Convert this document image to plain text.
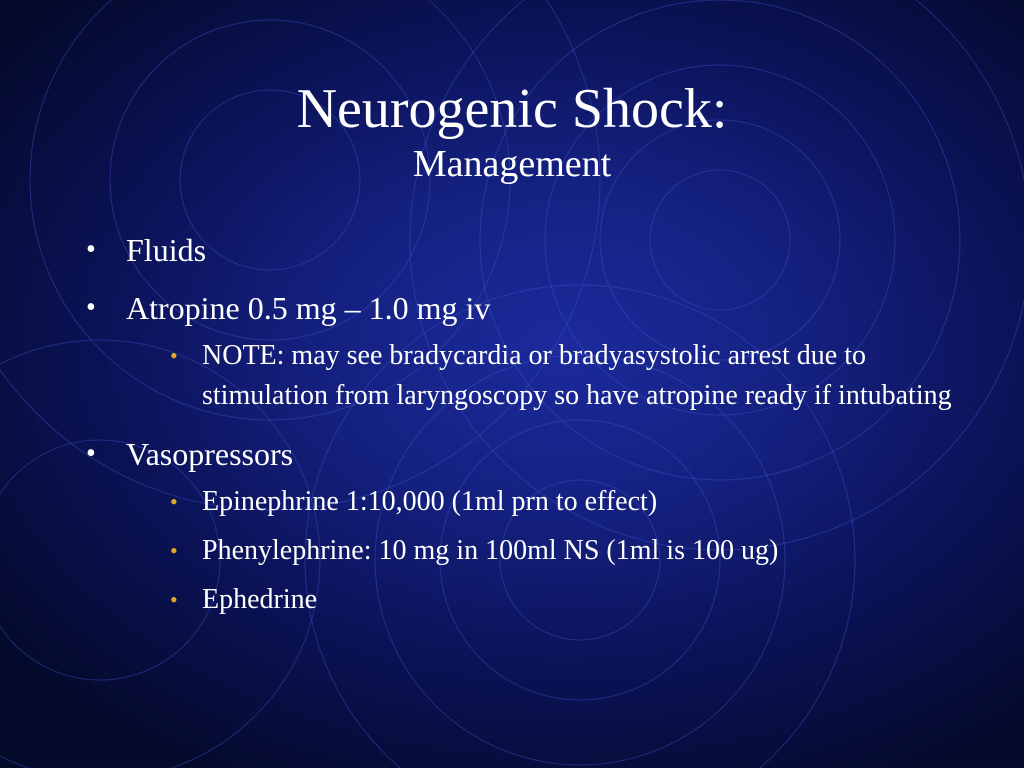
Neurogenic Shock:
Management
• Fluids
• Atropine 0.5 mg – 1.0 mg iv
• NOTE: may see bradycardia or bradyasystolic arrest due to stimulation from laryngoscopy so have atropine ready if intubating
• Vasopressors
• Epinephrine 1:10,000 (1ml prn to effect)
• Phenylephrine: 10 mg in 100ml NS (1ml is 100 ug)
• Ephedrine
